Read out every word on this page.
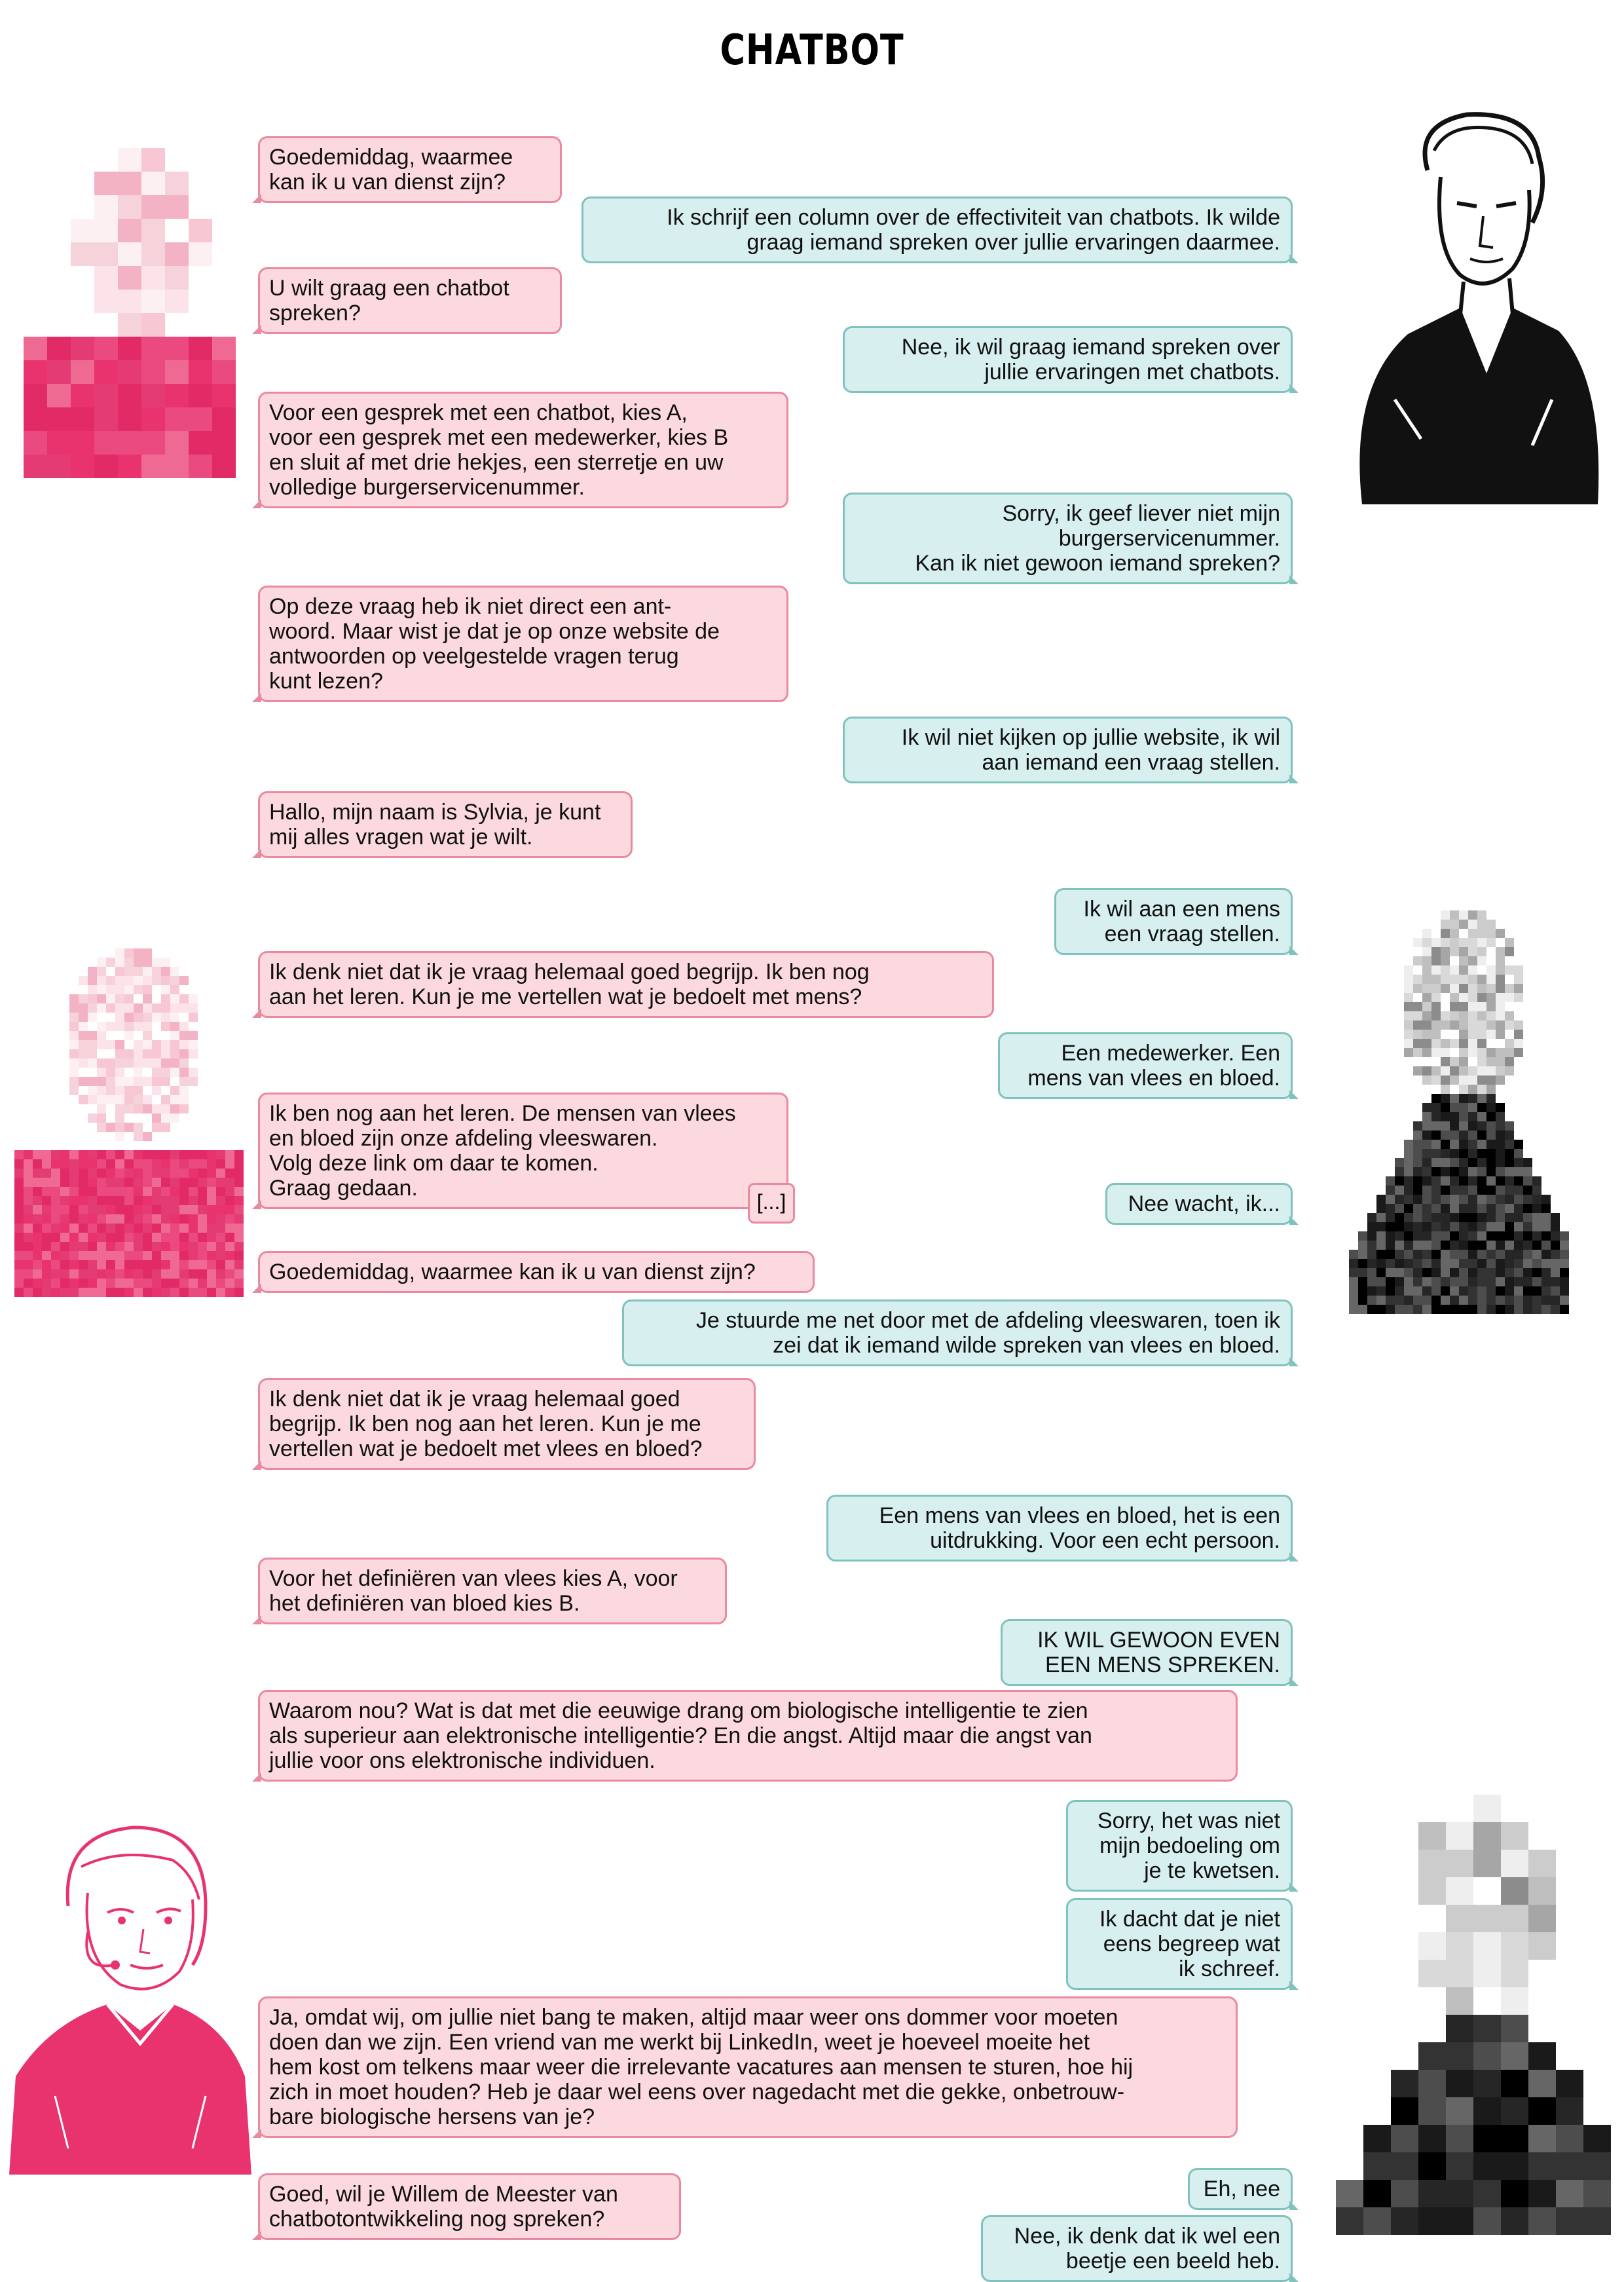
CHATBOT
Goedemiddag, waarmee
kan ik u van dienst zijn?
Ik schrijf een column over de effectiviteit van chatbots. Ik wilde
graag iemand spreken over jullie ervaringen daarmee.
U wilt graag een chatbot
spreken?
Nee, ik wil graag iemand spreken over
jullie ervaringen met chatbots.
Voor een gesprek met een chatbot, kies A,
voor een gesprek met een medewerker, kies B
en sluit af met drie hekjes, een sterretje en uw
volledige burgerservicenummer.
Sorry, ik geef liever niet mijn
burgerservicenummer.
Kan ik niet gewoon iemand spreken?
Op deze vraag heb ik niet direct een ant-
woord. Maar wist je dat je op onze website de
antwoorden op veelgestelde vragen terug
kunt lezen?
Ik wil niet kijken op jullie website, ik wil
aan iemand een vraag stellen.
Hallo, mijn naam is Sylvia, je kunt
mij alles vragen wat je wilt.
Ik wil aan een mens
een vraag stellen.
Ik denk niet dat ik je vraag helemaal goed begrijp. Ik ben nog
aan het leren. Kun je me vertellen wat je bedoelt met mens?
Een medewerker. Een
mens van vlees en bloed.
Ik ben nog aan het leren. De mensen van vlees
en bloed zijn onze afdeling vleeswaren.
Volg deze link om daar te komen.
Graag gedaan.
[...]	Nee wacht, ik...
Goedemiddag, waarmee kan ik u van dienst zijn?
Je stuurde me net door met de afdeling vleeswaren, toen ik
zei dat ik iemand wilde spreken van vlees en bloed.
Ik denk niet dat ik je vraag helemaal goed
begrijp. Ik ben nog aan het leren. Kun je me
vertellen wat je bedoelt met vlees en bloed?
Een mens van vlees en bloed, het is een
uitdrukking. Voor een echt persoon.
Voor het definiëren van vlees kies A, voor
het definiëren van bloed kies B.
IK WIL GEWOON EVEN
EEN MENS SPREKEN.
Waarom nou? Wat is dat met die eeuwige drang om biologische intelligentie te zien
als superieur aan elektronische intelligentie? En die angst. Altijd maar die angst van
jullie voor ons elektronische individuen.
Sorry, het was niet
mijn bedoeling om
je te kwetsen.
Ik dacht dat je niet
eens begreep wat
ik schreef.
Ja, omdat wij, om jullie niet bang te maken, altijd maar weer ons dommer voor moeten
doen dan we zijn. Een vriend van me werkt bij LinkedIn, weet je hoeveel moeite het
hem kost om telkens maar weer die irrelevante vacatures aan mensen te sturen, hoe hij
zich in moet houden? Heb je daar wel eens over nagedacht met die gekke, onbetrouw-
bare biologische hersens van je?
Eh, nee
Goed, wil je Willem de Meester van
chatbotontwikkeling nog spreken?
Nee, ik denk dat ik wel een
beetje een beeld heb.
